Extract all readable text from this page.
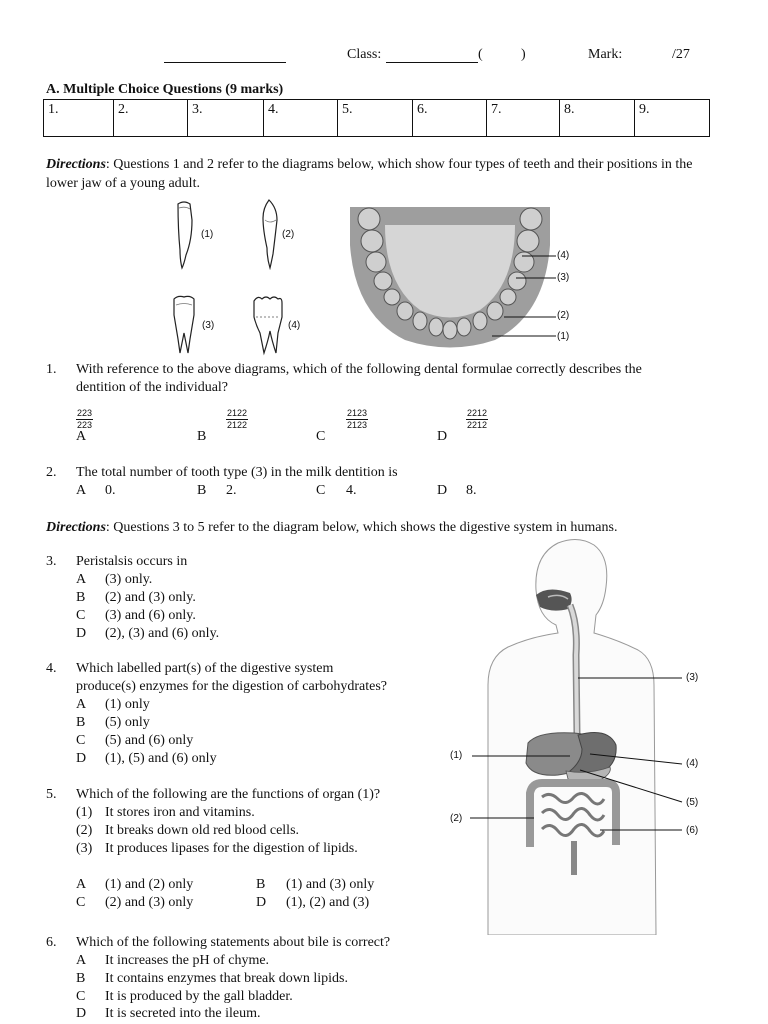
Class:	(	)	Mark:	/27
A. Multiple Choice Questions (9 marks)
1.	2.	3.	4.	5.	6.	7.	8.	9.
Directions: Questions 1 and 2 refer to the diagrams below, which show four types of teeth and their positions in the lower jaw of a young adult.
(1)	(2)
(3)	(4)
(4)
(3)
(2)
(1)
1. With reference to the above diagrams, which of the following dental formulae correctly describes the
dentition of the individual?
A
$\frac{223}{223}$
B
$\frac{2122}{2122}$
C
$\frac{2123}{2123}$
D
$\frac{2212}{2212}$
2. The total number of tooth type (3) in the milk dentition is
A 0.	B 2.	C 4.	D 8.
Directions: Questions 3 to 5 refer to the diagram below, which shows the digestive system in humans.
3. Peristalsis occurs in
A (3) only.
B (2) and (3) only.
C (3) and (6) only.
D (2), (3) and (6) only.
4. Which labelled part(s) of the digestive system
produce(s) enzymes for the digestion of carbohydrates?
A (1) only
B (5) only
C (5) and (6) only
D (1), (5) and (6) only
5. Which of the following are the functions of organ (1)?
(1) It stores iron and vitamins.
(2) It breaks down old red blood cells.
(3) It produces lipases for the digestion of lipids.
A (1) and (2) only	B (1) and (3) only
C (2) and (3) only	D (1), (2) and (3)
(3)
(1)
(4)
(5)
(2)
(6)
6. Which of the following statements about bile is correct?
A It increases the pH of chyme.
B It contains enzymes that break down lipids.
C It is produced by the gall bladder.
D It is secreted into the ileum.
